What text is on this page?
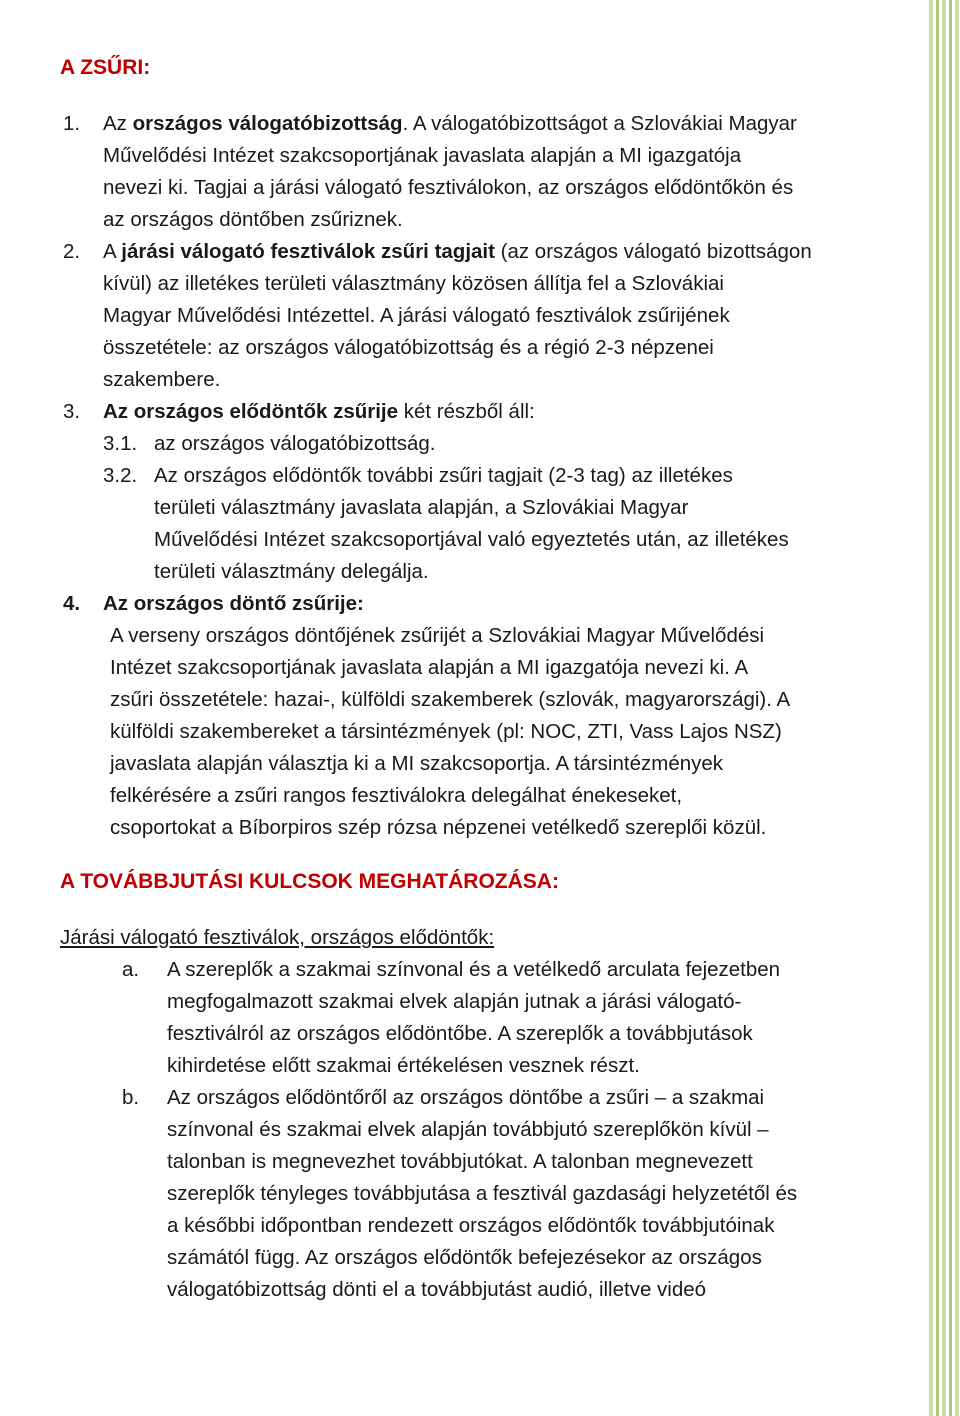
A ZSŰRI:
1. Az országos válogatóbizottság. A válogatóbizottságot a Szlovákiai Magyar
Művelődési Intézet szakcsoportjának javaslata alapján a MI igazgatója
nevezi ki. Tagjai a járási válogató fesztiválokon, az országos elődöntőkön és
az országos döntőben zsűriznek.
2. A járási válogató fesztiválok zsűri tagjait (az országos válogató bizottságon
kívül) az illetékes területi választmány közösen állítja fel a Szlovákiai
Magyar Művelődési Intézettel. A járási válogató fesztiválok zsűrijének
összetétele: az országos válogatóbizottság és a régió 2-3 népzenei
szakembere.
3. Az országos elődöntők zsűrije két részből áll:
3.1. az országos válogatóbizottság.
3.2. Az országos elődöntők további zsűri tagjait (2-3 tag) az illetékes
területi választmány javaslata alapján, a Szlovákiai Magyar
Művelődési Intézet szakcsoportjával való egyeztetés után, az illetékes
területi választmány delegálja.
4. Az országos döntő zsűrije:
A verseny országos döntőjének zsűrijét a Szlovákiai Magyar Művelődési
Intézet szakcsoportjának javaslata alapján a MI igazgatója nevezi ki. A
zsűri összetétele: hazai-, külföldi szakemberek (szlovák, magyarországi). A
külföldi szakembereket a társintézmények (pl: NOC, ZTI, Vass Lajos NSZ)
javaslata alapján választja ki a MI szakcsoportja. A társintézmények
felkérésére a zsűri rangos fesztiválokra delegálhat énekeseket,
csoportokat a Bíborpiros szép rózsa népzenei vetélkedő szereplői közül.
A TOVÁBBJUTÁSI KULCSOK MEGHATÁROZÁSA:
Járási válogató fesztiválok, országos elődöntők:
a. A szereplők a szakmai színvonal és a vetélkedő arculata fejezetben
megfogalmazott szakmai elvek alapján jutnak a járási válogató-
fesztiválról az országos elődöntőbe. A szereplők a továbbjutások
kihirdetése előtt szakmai értékelésen vesznek részt.
b. Az országos elődöntőről az országos döntőbe a zsűri – a szakmai
színvonal és szakmai elvek alapján továbbjutó szereplőkön kívül –
talonban is megnevezhet továbbjutókat. A talonban megnevezett
szereplők tényleges továbbjutása a fesztivál gazdasági helyzetétől és
a későbbi időpontban rendezett országos elődöntők továbbjutóinak
számától függ. Az országos elődöntők befejezésekor az országos
válogatóbizottság dönti el a továbbjutást audió, illetve videó
